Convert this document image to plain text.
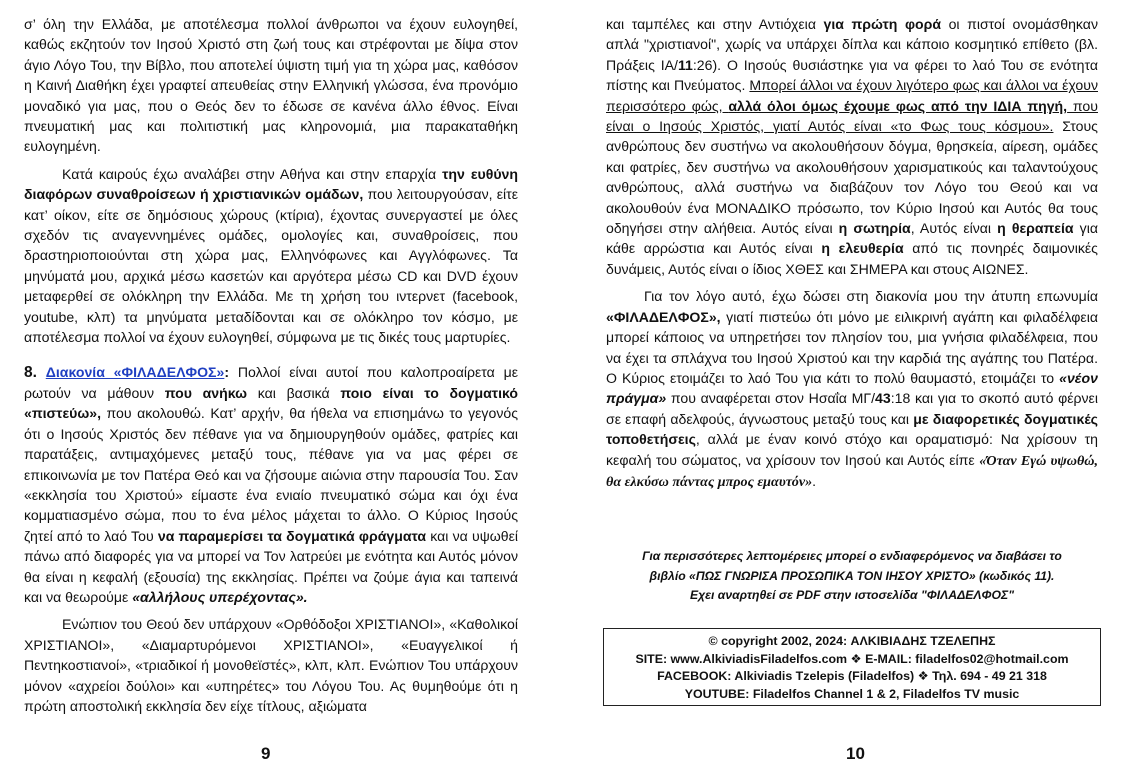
σ’ όλη την Ελλάδα, με αποτέλεσμα πολλοί άνθρωποι να έχουν ευλογηθεί, καθώς εκζητούν τον Ιησού Χριστό στη ζωή τους και στρέφονται με δίψα στον άγιο Λόγο Του, την Βίβλο, που αποτελεί ύψιστη τιμή για τη χώρα μας, καθόσον η Καινή Διαθήκη έχει γραφτεί απευθείας στην Ελληνική γλώσσα, ένα προνόμιο μοναδικό για μας, που ο Θεός δεν το έδωσε σε κανένα άλλο έθνος. Είναι πνευματική μας και πολιτιστική μας κληρονομιά, μια παρακαταθήκη ευλογημένη.

Κατά καιρούς έχω αναλάβει στην Αθήνα και στην επαρχία την ευθύνη διαφόρων συναθροίσεων ή χριστιανικών ομάδων, που λειτουργούσαν, είτε κατ’ οίκον, είτε σε δημόσιους χώρους (κτίρια), έχοντας συνεργαστεί με όλες σχεδόν τις αναγεννημένες ομάδες, ομολογίες και, συναθροίσεις, που δραστηριοποιούνται στη χώρα μας, Ελληνόφωνες και Αγγλόφωνες. Τα μηνύματά μου, αρχικά μέσω κασετών και αργότερα μέσω CD και DVD έχουν μεταφερθεί σε ολόκληρη την Ελλάδα. Με τη χρήση του ιντερνετ (facebook, youtube, κλπ) τα μηνύματα μεταδίδονται και σε ολόκληρο τον κόσμο, με αποτέλεσμα πολλοί να έχουν ευλογηθεί, σύμφωνα με τις δικές τους μαρτυρίες.

8. Διακονία «ΦΙΛΑΔΕΛΦΟΣ»: Πολλοί είναι αυτοί που καλοπροαίρετα με ρωτούν να μάθουν που ανήκω και βασικά ποιο είναι το δογματικό «πιστεύω», που ακολουθώ. Κατ’ αρχήν, θα ήθελα να επισημάνω το γεγονός ότι ο Ιησούς Χριστός δεν πέθανε για να δημιουργηθούν ομάδες, φατρίες και παρατάξεις, αντιμαχόμενες μεταξύ τους, πέθανε για να μας φέρει σε επικοινωνία με τον Πατέρα Θεό και να ζήσουμε αιώνια στην παρουσία Του. Σαν «εκκλησία του Χριστού» είμαστε ένα ενιαίο πνευματικό σώμα και όχι ένα κομματιασμένο σώμα, που το ένα μέλος μάχεται το άλλο. Ο Κύριος Ιησούς ζητεί από το λαό Του να παραμερίσει τα δογματικά φράγματα και να υψωθεί πάνω από διαφορές για να μπορεί να Τον λατρεύει με ενότητα και Αυτός μόνον θα είναι η κεφαλή (εξουσία) της εκκλησίας. Πρέπει να ζούμε άγια και ταπεινά και να θεωρούμε «αλλήλους υπερέχοντας».

Ενώπιον του Θεού δεν υπάρχουν «Ορθόδοξοι ΧΡΙΣΤΙΑΝΟΙ», «Καθολικοί ΧΡΙΣΤΙΑΝΟΙ», «Διαμαρτυρόμενοι ΧΡΙΣΤΙΑΝΟΙ», «Ευαγγελικοί ή Πεντηκοστιανοί», «τριαδικοί ή μονοθεϊστές», κλπ, κλπ. Ενώπιον Του υπάρχουν μόνον «αχρείοι δούλοι» και «υπηρέτες» του Λόγου Του. Ας θυμηθούμε ότι η πρώτη αποστολική εκκλησία δεν είχε τίτλους, αξιώματα

και ταμπέλες και στην Αντιόχεια για πρώτη φορά οι πιστοί ονομάσθηκαν απλά "χριστιανοί", χωρίς να υπάρχει δίπλα και κάποιο κοσμητικό επίθετο (βλ. Πράξεις ΙΑ/11:26). Ο Ιησούς θυσιάστηκε για να φέρει το λαό Του σε ενότητα πίστης και Πνεύματος. Μπορεί άλλοι να έχουν λιγότερο φως και άλλοι να έχουν περισσότερο φώς, αλλά όλοι όμως έχουμε φως από την ΙΔΙΑ πηγή, που είναι ο Ιησούς Χριστός, γιατί Αυτός είναι «το Φως τους κόσμου». Στους ανθρώπους δεν συστήνω να ακολουθήσουν δόγμα, θρησκεία, αίρεση, ομάδες και φατρίες, δεν συστήνω να ακολουθήσουν χαρισματικούς και ταλαντούχους ανθρώπους, αλλά συστήνω να διαβάζουν τον Λόγο του Θεού και να ακολουθούν ένα ΜΟΝΑΔΙΚΟ πρόσωπο, τον Κύριο Ιησού και Αυτός θα τους οδηγήσει στην αλήθεια. Αυτός είναι η σωτηρία, Αυτός είναι η θεραπεία για κάθε αρρώστια και Αυτός είναι η ελευθερία από τις πονηρές δαιμονικές δυνάμεις, Αυτός είναι ο ίδιος ΧΘΕΣ και ΣΗΜΕΡΑ και στους ΑΙΩΝΕΣ.

Για τον λόγο αυτό, έχω δώσει στη διακονία μου την άτυπη επωνυμία «ΦΙΛΑΔΕΛΦΟΣ», γιατί πιστεύω ότι μόνο με ειλικρινή αγάπη και φιλαδέλφεια μπορεί κάποιος να υπηρετήσει τον πλησίον του, μια γνήσια φιλαδέλφεια, που να έχει τα σπλάχνα του Ιησού Χριστού και την καρδιά της αγάπης του Πατέρα. Ο Κύριος ετοιμάζει το λαό Του για κάτι το πολύ θαυμαστό, ετοιμάζει το «νέον πράγμα» που αναφέρεται στον Ησαΐα ΜΓ/43:18 και για το σκοπό αυτό φέρνει σε επαφή αδελφούς, άγνωστους μεταξύ τους και με διαφορετικές δογματικές τοποθετήσεις, αλλά με έναν κοινό στόχο και οραματισμό: Να χρίσουν τη κεφαλή του σώματος, να χρίσουν τον Ιησού και Αυτός είπε «Όταν Εγώ υψωθώ, θα ελκύσω πάντας μπρος εμαυτόν».

Για περισσότερες λεπτομέρειες μπορεί ο ενδιαφερόμενος να διαβάσει το
βιβλίο «ΠΩΣ ΓΝΩΡΙΣΑ ΠΡΟΣΩΠΙΚΑ ΤΟΝ ΙΗΣΟΥ ΧΡΙΣΤΟ» (κωδικός 11).
Εχει αναρτηθεί σε PDF στην ιστοσελίδα "ΦΙΛΑΔΕΛΦΟΣ"
© copyright 2002, 2024: ΑΛΚΙΒΙΑΔΗΣ ΤΖΕΛΕΠΗΣ
SITE: www.AlkiviadisFiladelfos.com ❖ E-MAIL: filadelfos02@hotmail.com
FACEBOOK: Alkiviadis Tzelepis (Filadelfos) ❖ Τηλ. 694 - 49 21 318
YOUTUBE: Filadelfos Channel 1 & 2, Filadelfos TV music
9	10
